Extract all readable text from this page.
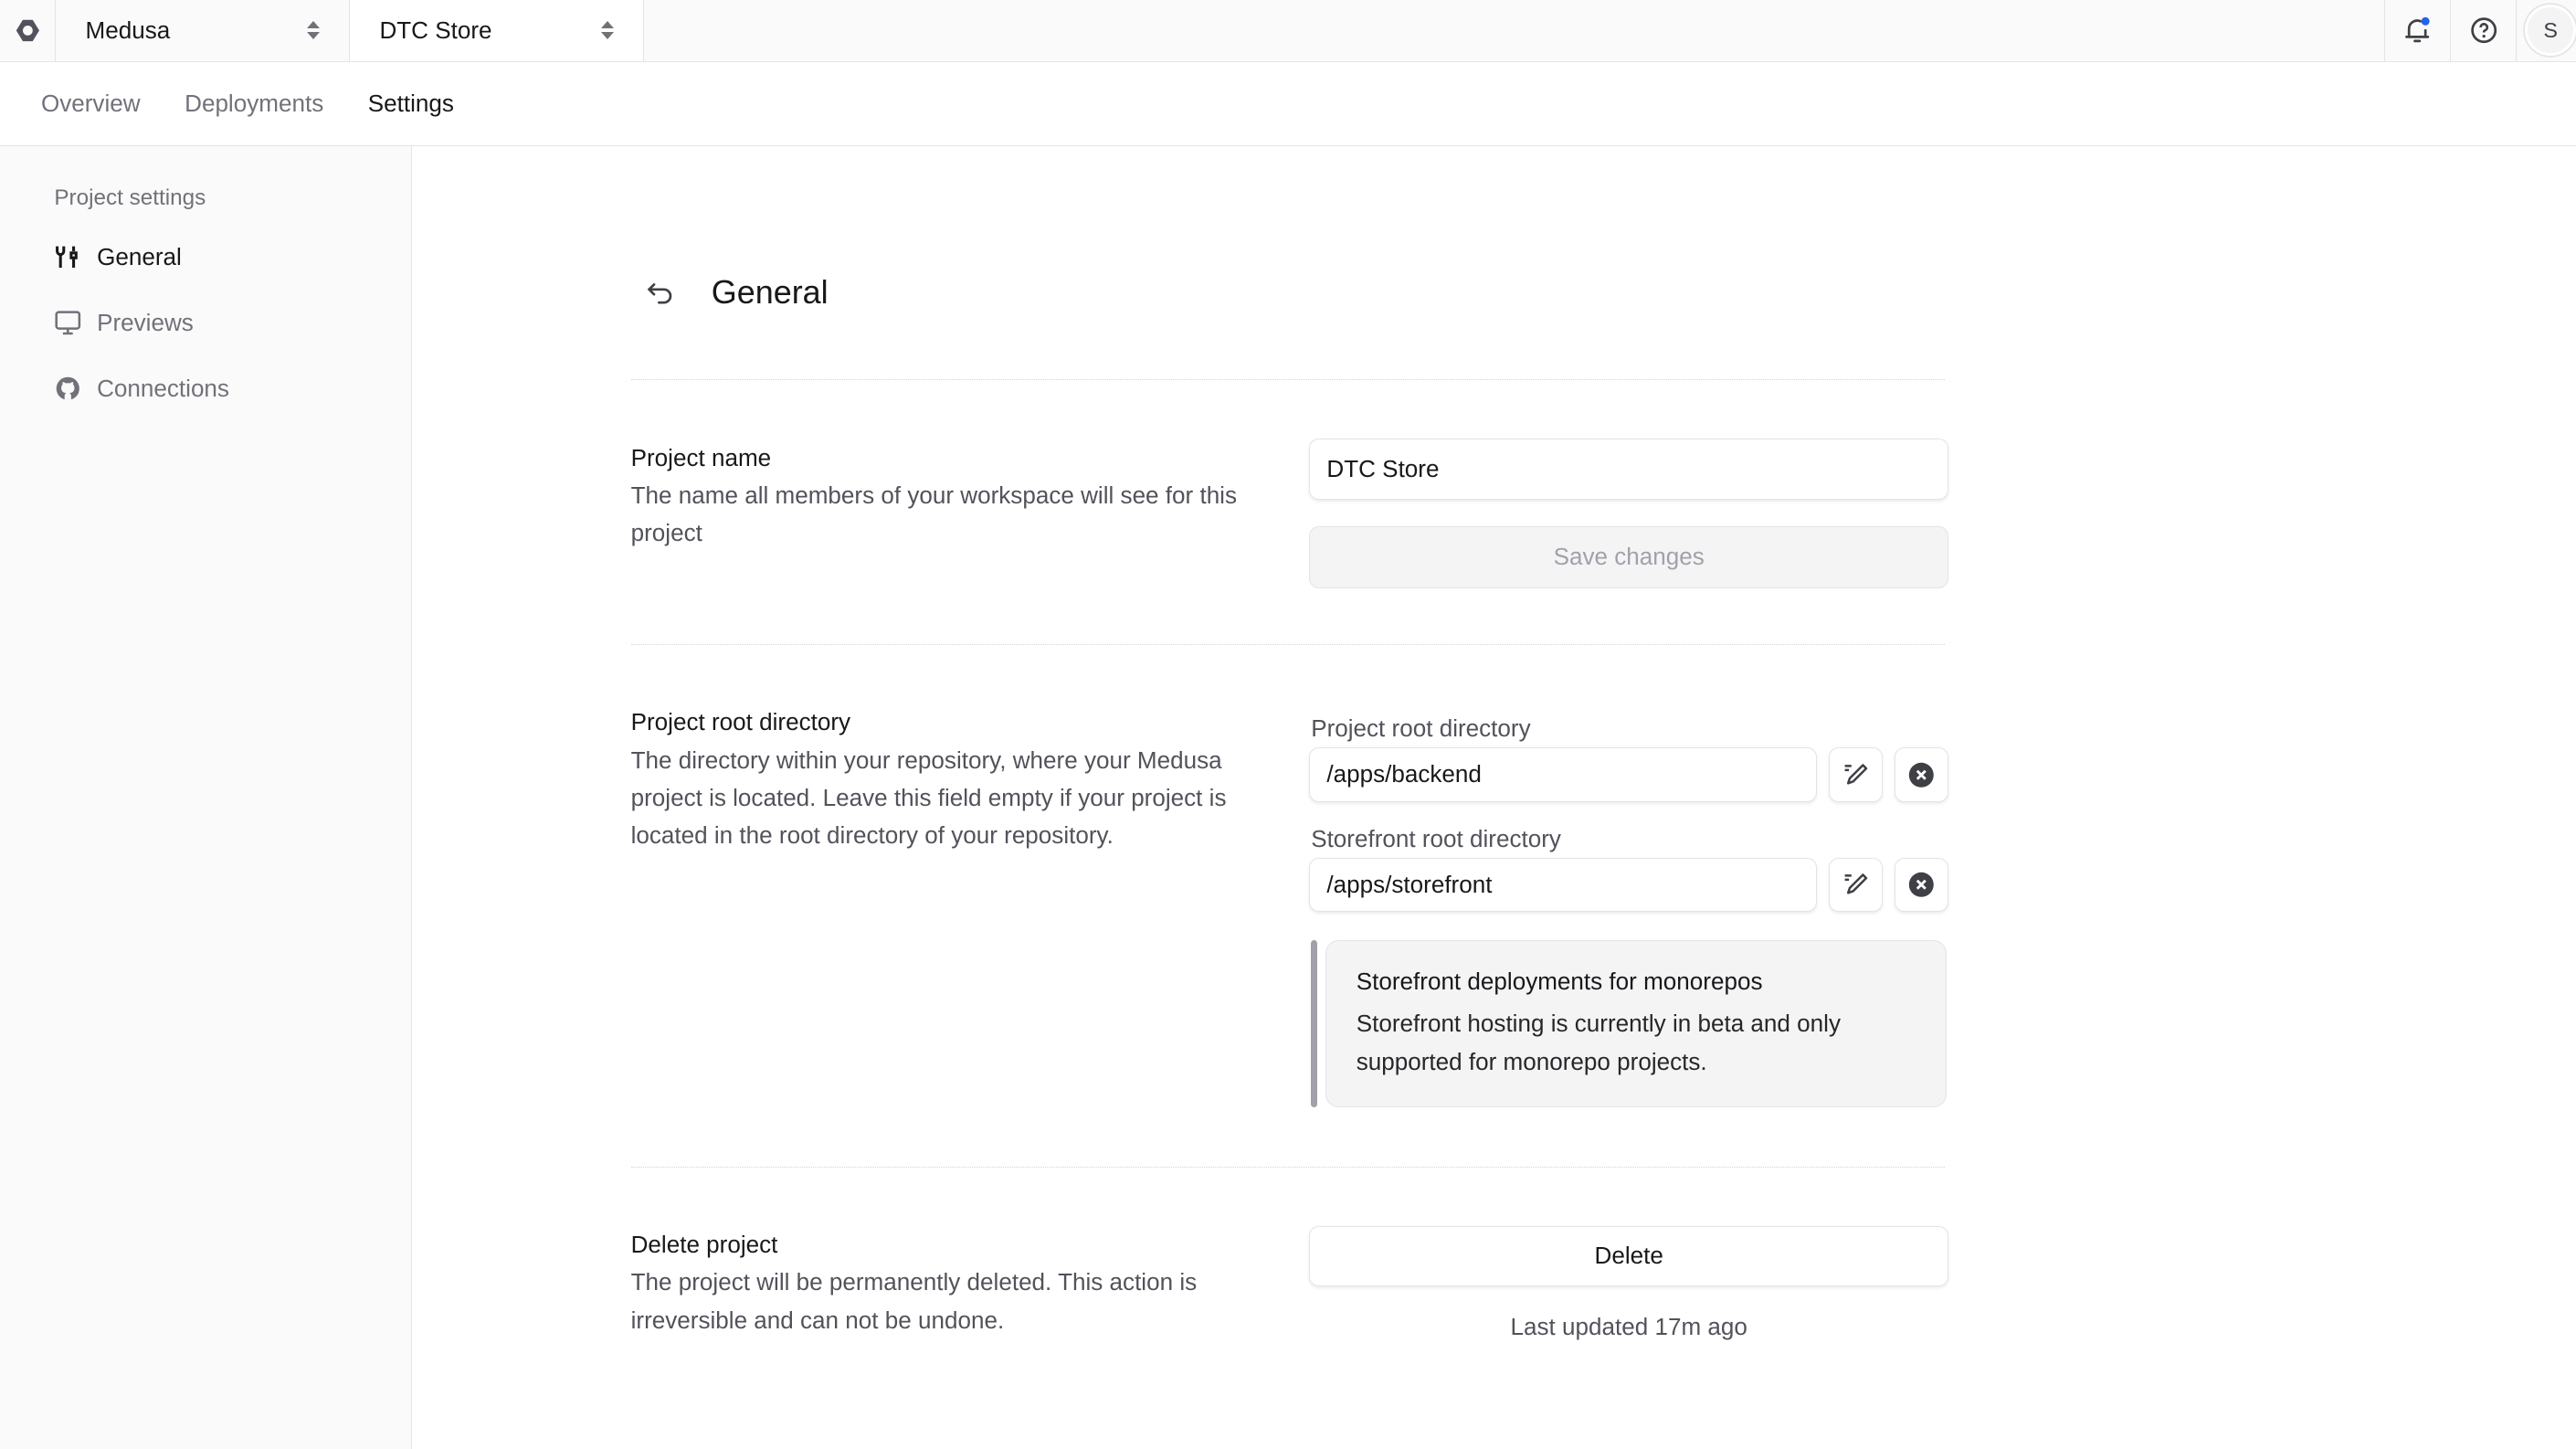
Medusa	DTC Store	S
Overview	Deployments	Settings
Project settings
General
Previews
Connections
General
Project name
The name all members of your workspace will see for this project
DTC Store
Save changes
Project root directory
The directory within your repository, where your Medusa project is located. Leave this field empty if your project is located in the root directory of your repository.
Project root directory
/apps/backend
Storefront root directory
/apps/storefront
Storefront deployments for monorepos
Storefront hosting is currently in beta and only supported for monorepo projects.
Delete project
The project will be permanently deleted. This action is irreversible and can not be undone.
Delete
Last updated 17m ago
